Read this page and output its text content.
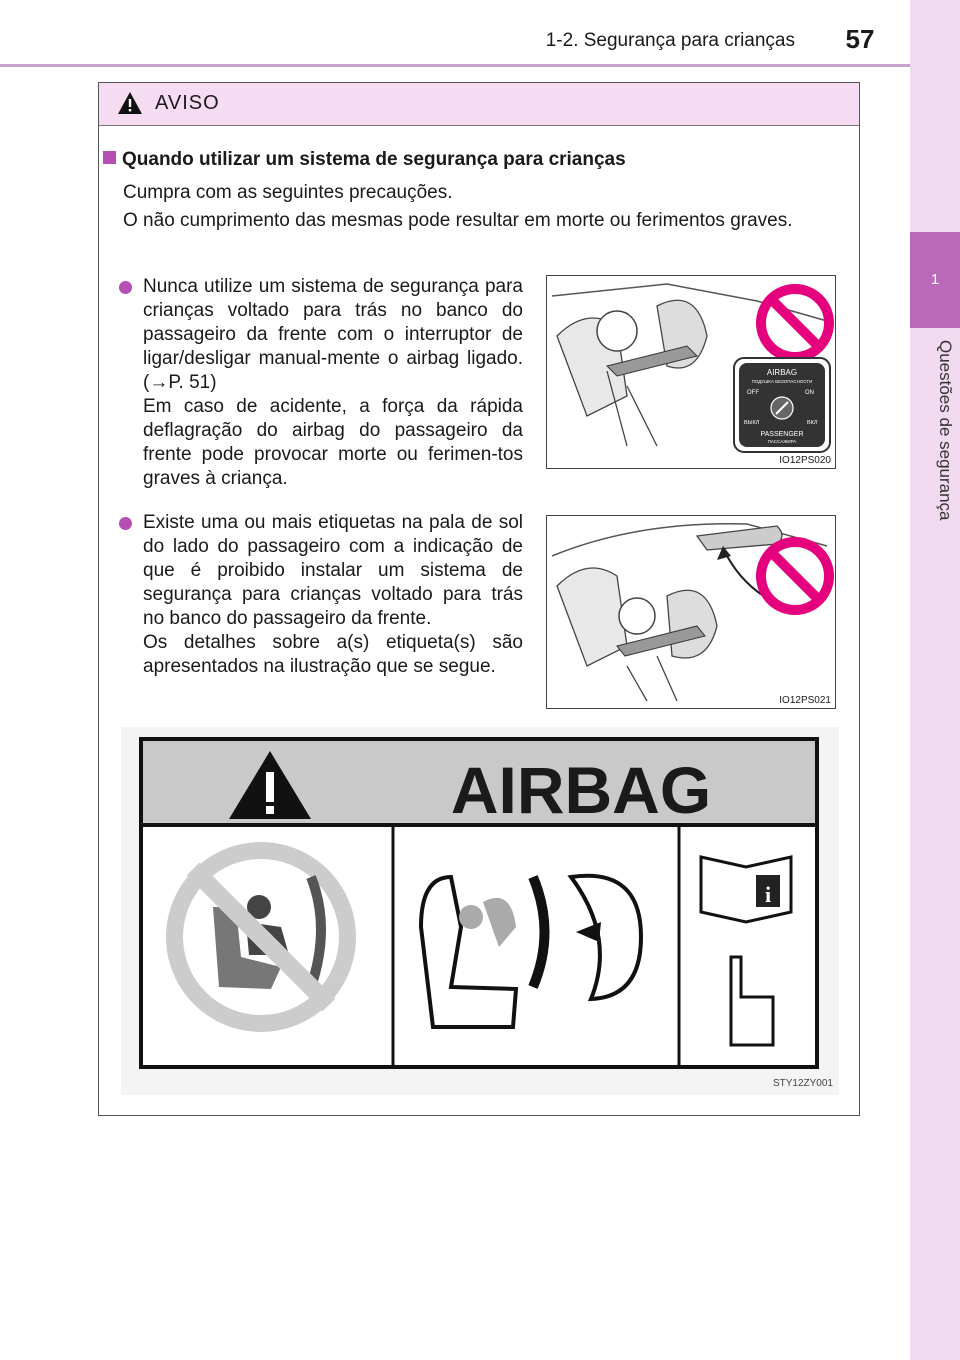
1-2. Segurança para crianças	57
1
Questões de segurança
AVISO
Quando utilizar um sistema de segurança para crianças
Cumpra com as seguintes precauções.
O não cumprimento das mesmas pode resultar em morte ou ferimentos graves.

Nunca utilize um sistema de segurança para crianças voltado para trás no banco do passageiro da frente com o interruptor de ligar/desligar manual-mente o airbag ligado. (→P. 51)

Em caso de acidente, a força da rápida deflagração do airbag do passageiro da frente pode provocar morte ou ferimen-tos graves à criança.

AIRBAG
ПОДУШКА БЕЗОПАСНОСТИ
OFF	ON
ВЫКЛ	ВКЛ
PASSENGER
ПАССАЖИРА
IO12PS020

Existe uma ou mais etiquetas na pala de sol do lado do passageiro com a indicação de que é proibido instalar um sistema de segurança para crianças voltado para trás no banco do passageiro da frente.

Os detalhes sobre a(s) etiqueta(s) são apresentados na ilustração que se segue.

IO12PS021
AIRBAG
i
STY12ZY001
